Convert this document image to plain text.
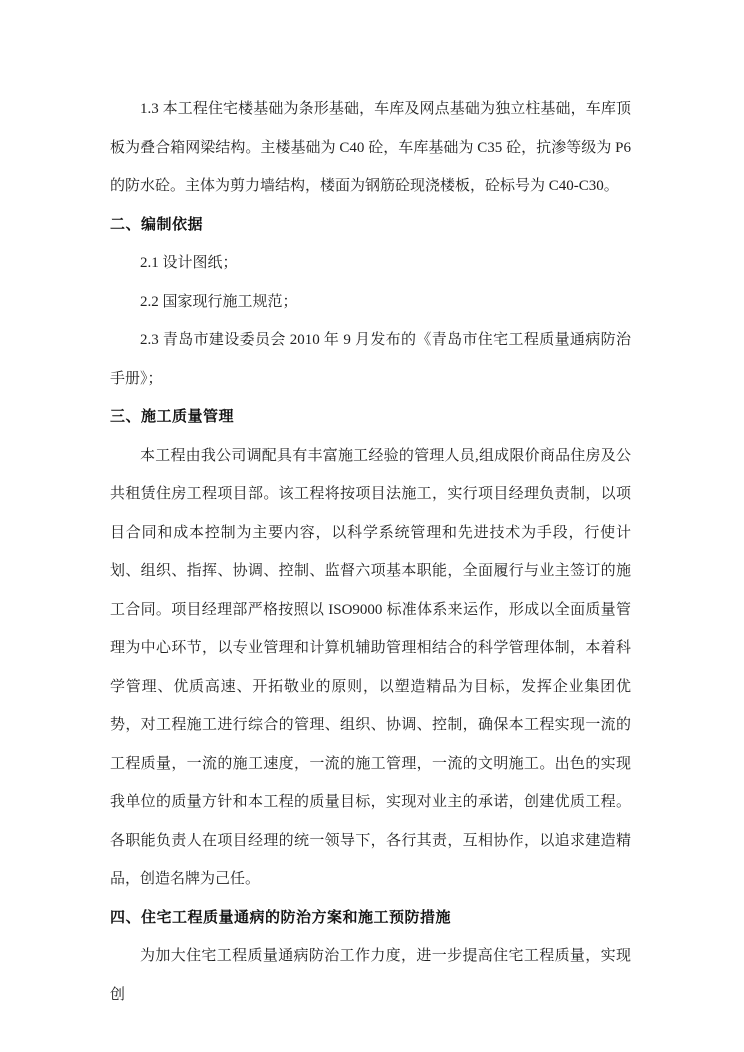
1.3 本工程住宅楼基础为条形基础，车库及网点基础为独立柱基础，车库顶板为叠合箱网梁结构。主楼基础为 C40 砼，车库基础为 C35 砼，抗渗等级为 P6 的防水砼。主体为剪力墙结构，楼面为钢筋砼现浇楼板，砼标号为 C40-C30。

二、编制依据

2.1 设计图纸；

2.2 国家现行施工规范；

2.3 青岛市建设委员会 2010 年 9 月发布的《青岛市住宅工程质量通病防治手册》；

三、施工质量管理

本工程由我公司调配具有丰富施工经验的管理人员,组成限价商品住房及公共租赁住房工程项目部。该工程将按项目法施工，实行项目经理负责制，以项目合同和成本控制为主要内容，以科学系统管理和先进技术为手段，行使计划、组织、指挥、协调、控制、监督六项基本职能，全面履行与业主签订的施工合同。项目经理部严格按照以 ISO9000 标准体系来运作，形成以全面质量管理为中心环节，以专业管理和计算机辅助管理相结合的科学管理体制，本着科学管理、优质高速、开拓敬业的原则，以塑造精品为目标，发挥企业集团优势，对工程施工进行综合的管理、组织、协调、控制，确保本工程实现一流的工程质量，一流的施工速度，一流的施工管理，一流的文明施工。出色的实现我单位的质量方针和本工程的质量目标，实现对业主的承诺，创建优质工程。各职能负责人在项目经理的统一领导下，各行其责，互相协作，以追求建造精品，创造名牌为己任。

四、住宅工程质量通病的防治方案和施工预防措施

为加大住宅工程质量通病防治工作力度，进一步提高住宅工程质量，实现创
